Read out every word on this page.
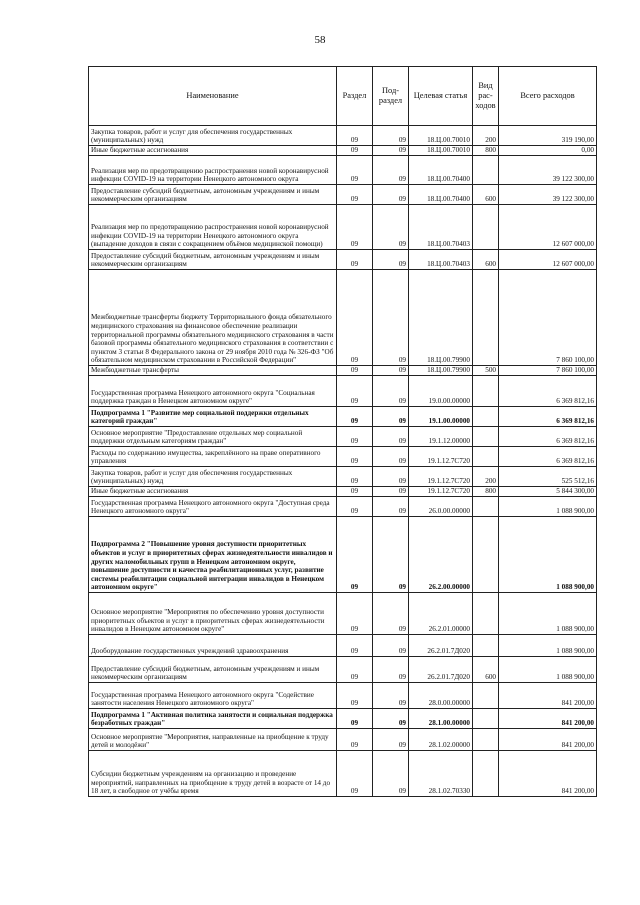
58
Наименование	Раздел	Под-раздел	Целевая статья	Вид рас-ходов	Всего расходов
Закупка товаров, работ и услуг для обеспечения государственных (муниципальных) нужд	09	09	18.Ц.00.70010	200	319 190,00
Иные бюджетные ассигнования	09	09	18.Ц.00.70010	800	0,00
Реализация мер по предотвращению распространения новой коронавирусной инфекции COVID-19 на территории Ненецкого автономного округа	09	09	18.Ц.00.70400		39 122 300,00
Предоставление субсидий бюджетным, автономным учреждениям и иным некоммерческим организациям	09	09	18.Ц.00.70400	600	39 122 300,00
Реализация мер по предотвращению распространения новой коронавирусной инфекции COVID-19 на территории Ненецкого автономного округа (выпадение доходов в связи с сокращением объёмов медицинской помощи)	09	09	18.Ц.00.70403		12 607 000,00
Предоставление субсидий бюджетным, автономным учреждениям и иным некоммерческим организациям	09	09	18.Ц.00.70403	600	12 607 000,00
Межбюджетные трансферты бюджету Территориального фонда обязательного медицинского страхования на финансовое обеспечение реализации территориальной программы обязательного медицинского страхования в части базовой программы обязательного медицинского страхования в соответствии с пунктом 3 статьи 8 Федерального закона от 29 ноября 2010 года № 326-ФЗ "Об обязательном медицинском страховании в Российской Федерации"	09	09	18.Ц.00.79900		7 860 100,00
Межбюджетные трансферты	09	09	18.Ц.00.79900	500	7 860 100,00
Государственная программа Ненецкого автономного округа "Социальная поддержка граждан в Ненецком автономном округе"	09	09	19.0.00.00000		6 369 812,16
Подпрограмма 1 "Развитие мер социальной поддержки отдельных категорий граждан"	09	09	19.1.00.00000		6 369 812,16
Основное мероприятие "Предоставление отдельных мер социальной поддержки отдельным категориям граждан"	09	09	19.1.12.00000		6 369 812,16
Расходы по содержанию имущества, закреплённого на праве оперативного управления	09	09	19.1.12.7С720		6 369 812,16
Закупка товаров, работ и услуг для обеспечения государственных (муниципальных) нужд	09	09	19.1.12.7С720	200	525 512,16
Иные бюджетные ассигнования	09	09	19.1.12.7С720	800	5 844 300,00
Государственная программа Ненецкого автономного округа "Доступная среда Ненецкого автономного округа"	09	09	26.0.00.00000		1 088 900,00
Подпрограмма 2 "Повышение уровня доступности приоритетных объектов и услуг в приоритетных сферах жизнедеятельности инвалидов и других маломобильных групп в Ненецком автономном округе, повышение доступности и качества реабилитационных услуг, развитие системы реабилитации социальной интеграции инвалидов в Ненецком автономном округе"	09	09	26.2.00.00000		1 088 900,00
Основное мероприятие "Мероприятия по обеспечению уровня доступности приоритетных объектов и услуг в приоритетных сферах жизнедеятельности инвалидов в Ненецком автономном округе"	09	09	26.2.01.00000		1 088 900,00
Дооборудование государственных учреждений здравоохранения	09	09	26.2.01.7Д020		1 088 900,00
Предоставление субсидий бюджетным, автономным учреждениям и иным некоммерческим организациям	09	09	26.2.01.7Д020	600	1 088 900,00
Государственная программа Ненецкого автономного округа "Содействие занятости населения Ненецкого автономного округа"	09	09	28.0.00.00000		841 200,00
Подпрограмма 1 "Активная политика занятости и социальная поддержка безработных граждан"	09	09	28.1.00.00000		841 200,00
Основное мероприятие "Мероприятия, направленные на приобщение к труду детей и молодёжи"	09	09	28.1.02.00000		841 200,00
Субсидии бюджетным учреждениям на организацию и проведение мероприятий, направленных на приобщение к труду детей в возрасте от 14 до 18 лет, в свободное от учёбы время	09	09	28.1.02.70330		841 200,00
